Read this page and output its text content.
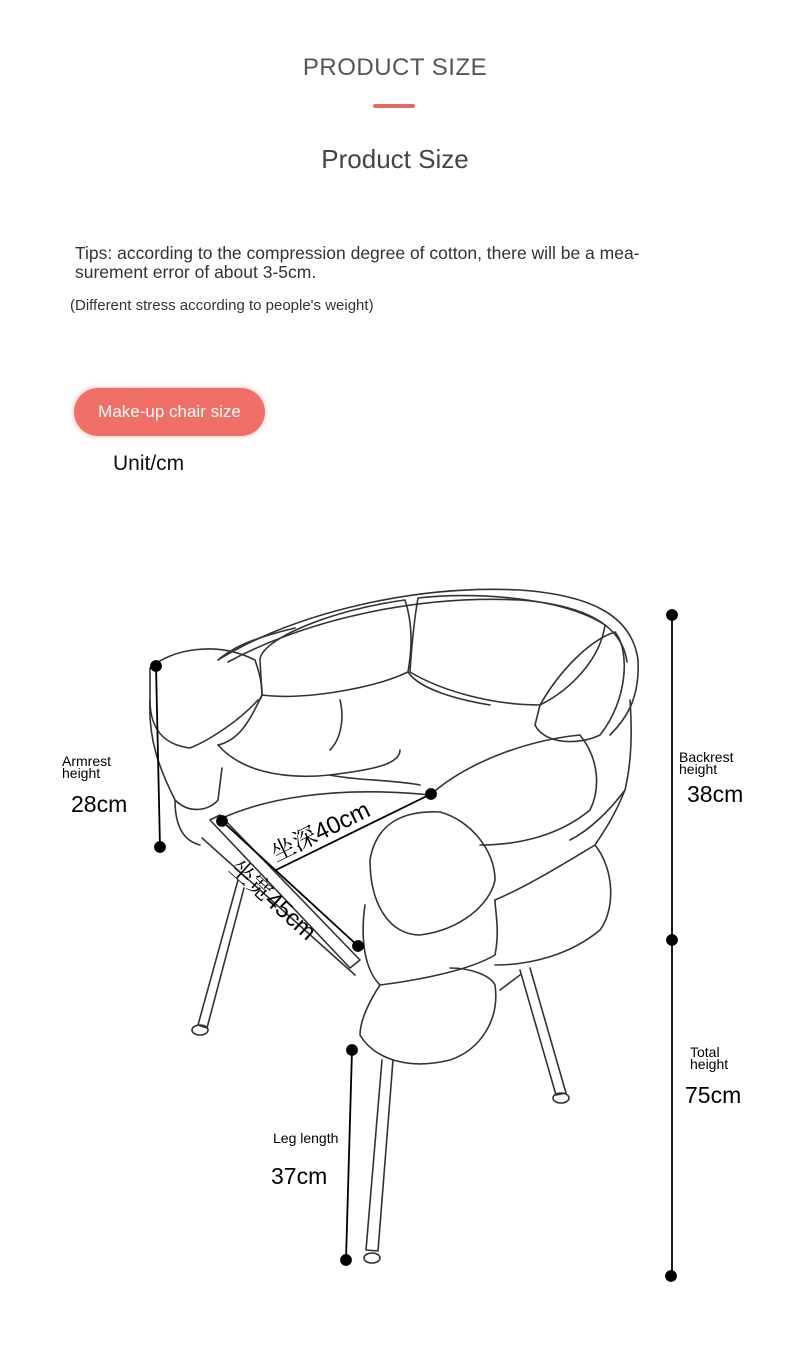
PRODUCT SIZE
Product Size
Tips: according to the compression degree of cotton, there will be a mea-
surement error of about 3-5cm.
(Different stress according to people's weight)
Make-up chair size
Unit/cm
Armrest
height
28cm
Backrest
height
38cm
Total
height
75cm
Leg length
37cm
坐深40cm
坐宽45cm
